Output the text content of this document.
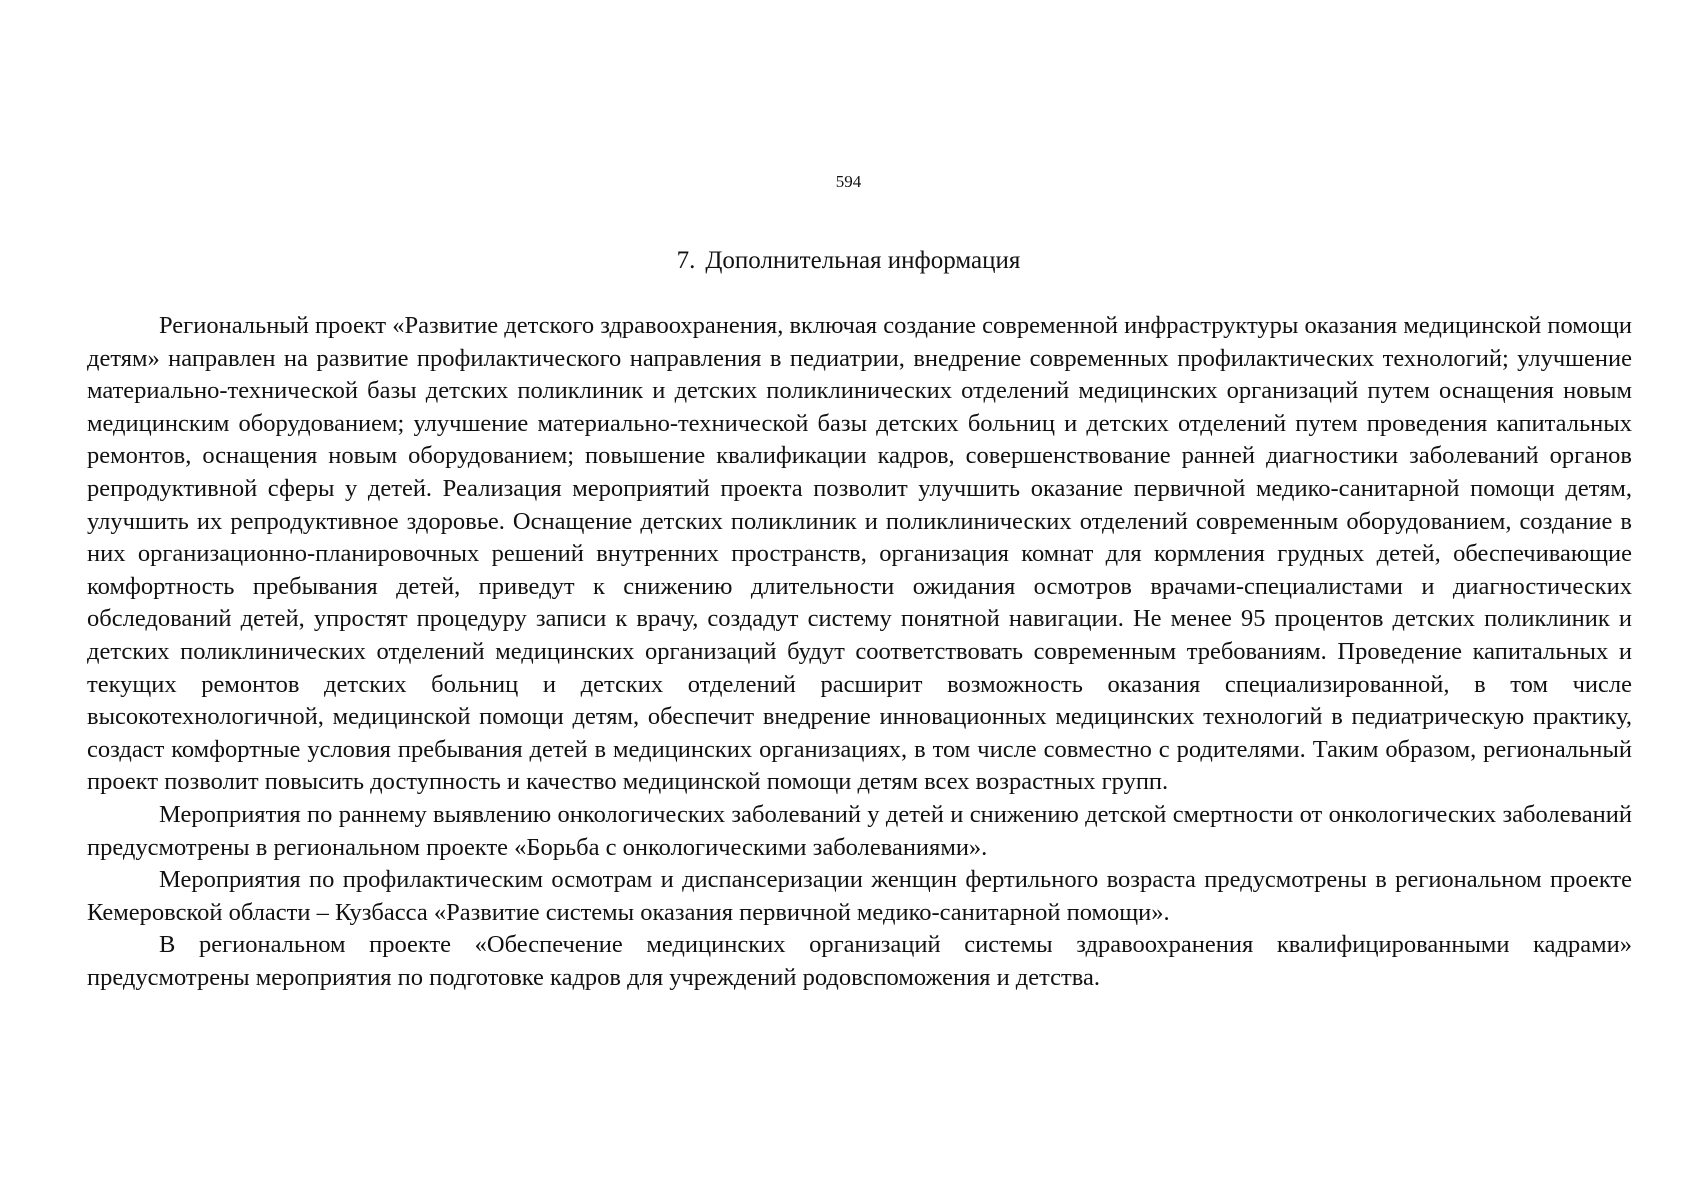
594
7. Дополнительная информация

Региональный проект «Развитие детского здравоохранения, включая создание современной инфраструктуры оказания медицинской помощи детям» направлен на развитие профилактического направления в педиатрии, внедрение современных профилактических технологий; улучшение материально-технической базы детских поликлиник и детских поликлинических отделений медицинских организаций путем оснащения новым медицинским оборудованием; улучшение материально-технической базы детских больниц и детских отделений путем проведения капитальных ремонтов, оснащения новым оборудованием; повышение квалификации кадров, совершенствование ранней диагностики заболеваний органов репродуктивной сферы у детей. Реализация мероприятий проекта позволит улучшить оказание первичной медико-санитарной помощи детям, улучшить их репродуктивное здоровье. Оснащение детских поликлиник и поликлинических отделений современным оборудованием, создание в них организационно-планировочных решений внутренних пространств, организация комнат для кормления грудных детей, обеспечивающие комфортность пребывания детей, приведут к снижению длительности ожидания осмотров врачами-специалистами и диагностических обследований детей, упростят процедуру записи к врачу, создадут систему понятной навигации. Не менее 95 процентов детских поликлиник и детских поликлинических отделений медицинских организаций будут соответствовать современным требованиям. Проведение капитальных и текущих ремонтов детских больниц и детских отделений расширит возможность оказания специализированной, в том числе высокотехнологичной, медицинской помощи детям, обеспечит внедрение инновационных медицинских технологий в педиатрическую практику, создаст комфортные условия пребывания детей в медицинских организациях, в том числе совместно с родителями. Таким образом, региональный проект позволит повысить доступность и качество медицинской помощи детям всех возрастных групп.

Мероприятия по раннему выявлению онкологических заболеваний у детей и снижению детской смертности от онкологических заболеваний предусмотрены в региональном проекте «Борьба с онкологическими заболеваниями».

Мероприятия по профилактическим осмотрам и диспансеризации женщин фертильного возраста предусмотрены в региональном проекте Кемеровской области – Кузбасса «Развитие системы оказания первичной медико-санитарной помощи».

В региональном проекте «Обеспечение медицинских организаций системы здравоохранения квалифицированными кадрами» предусмотрены мероприятия по подготовке кадров для учреждений родовспоможения и детства.
